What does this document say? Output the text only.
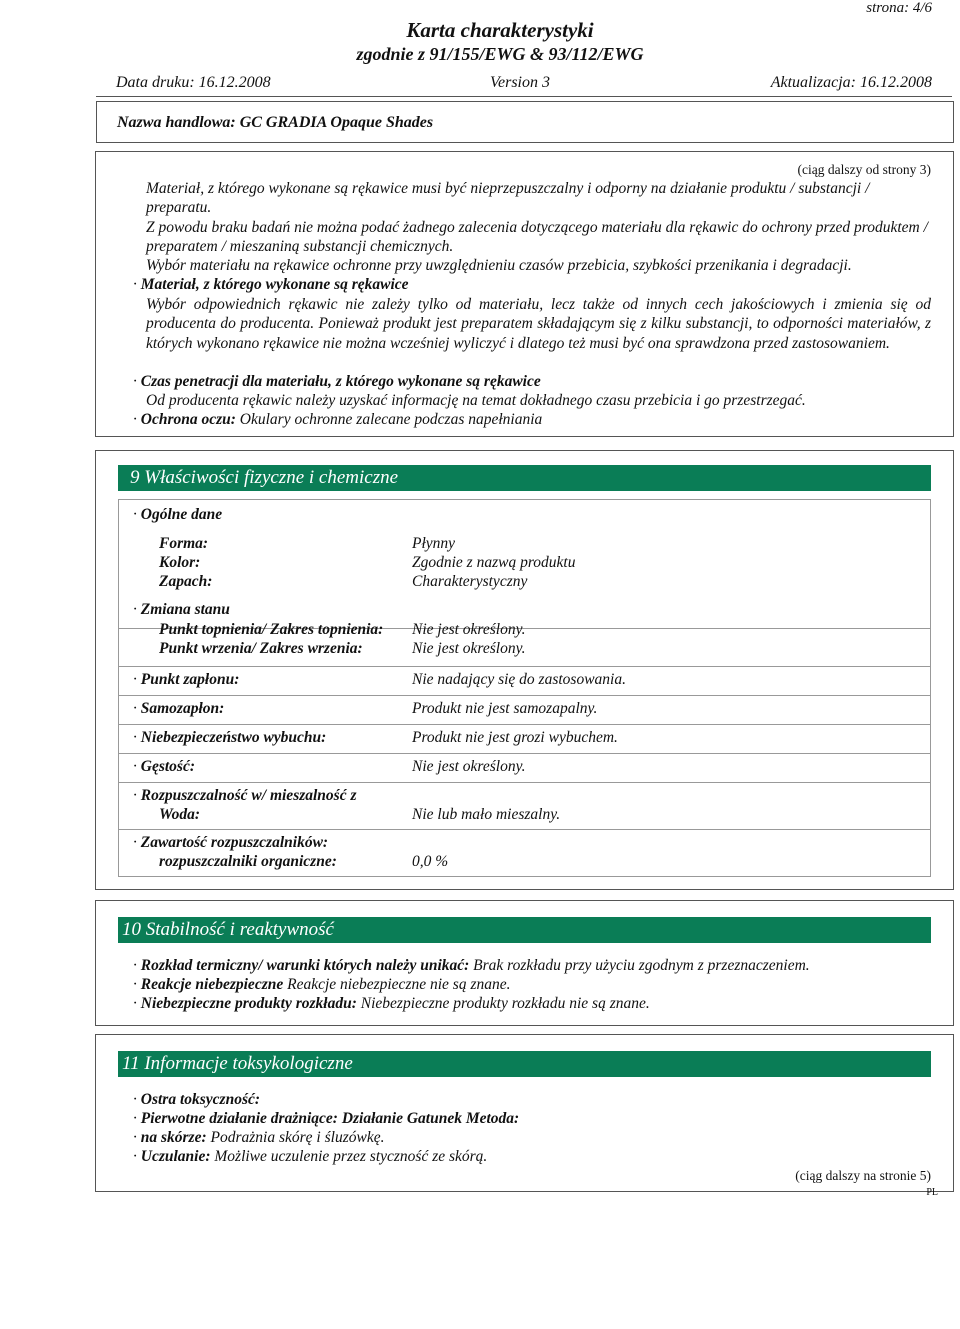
strona: 4/6
Karta charakterystyki
zgodnie z 91/155/EWG & 93/112/EWG
Data druku: 16.12.2008	Version 3	Aktualizacja: 16.12.2008
Nazwa handlowa: GC GRADIA Opaque Shades
(ciąg dalszy od strony 3)
Materiał, z którego wykonane są rękawice musi być nieprzepuszczalny i odporny na działanie produktu / substancji / preparatu.
Z powodu braku badań nie można podać żadnego zalecenia dotyczącego materiału dla rękawic do ochrony przed produktem / preparatem / mieszaniną substancji chemicznych.
Wybór materiału na rękawice ochronne przy uwzględnieniu czasów przebicia, szybkości przenikania i degradacji.
· Materiał, z którego wykonane są rękawice
Wybór odpowiednich rękawic nie zależy tylko od materiału, lecz także od innych cech jakościowych i zmienia się od producenta do producenta. Ponieważ produkt jest preparatem składającym się z kilku substancji, to odporności materiałów, z których wykonano rękawice nie można wcześniej wyliczyć i dlatego też musi być ona sprawdzona przed zastosowaniem.
· Czas penetracji dla materiału, z którego wykonane są rękawice
Od producenta rękawic należy uzyskać informację na temat dokładnego czasu przebicia i go przestrzegać.
· Ochrona oczu: Okulary ochronne zalecane podczas napełniania
9 Właściwości fizyczne i chemiczne
· Ogólne dane
Forma:	Płynny
Kolor:	Zgodnie z nazwą produktu
Zapach:	Charakterystyczny
· Zmiana stanu
Punkt topnienia/ Zakres topnienia: Nie jest określony.
Punkt wrzenia/ Zakres wrzenia:	Nie jest określony.
· Punkt zapłonu:	Nie nadający się do zastosowania.
· Samozapłon:	Produkt nie jest samozapalny.
· Niebezpieczeństwo wybuchu:	Produkt nie jest grozi wybuchem.
· Gęstość:	Nie jest określony.
· Rozpuszczalność w/ mieszalność z
Woda:	Nie lub mało mieszalny.
· Zawartość rozpuszczalników:
rozpuszczalniki organiczne:	0,0 %
10 Stabilność i reaktywność
· Rozkład termiczny/ warunki których należy unikać: Brak rozkładu przy użyciu zgodnym z przeznaczeniem.
· Reakcje niebezpieczne Reakcje niebezpieczne nie są znane.
· Niebezpieczne produkty rozkładu: Niebezpieczne produkty rozkładu nie są znane.
11 Informacje toksykologiczne
· Ostra toksyczność:
· Pierwotne działanie drażniące: Działanie Gatunek Metoda:
· na skórze: Podrażnia skórę i śluzówkę.
· Uczulanie: Możliwe uczulenie przez styczność ze skórą.
(ciąg dalszy na stronie 5)
PL
